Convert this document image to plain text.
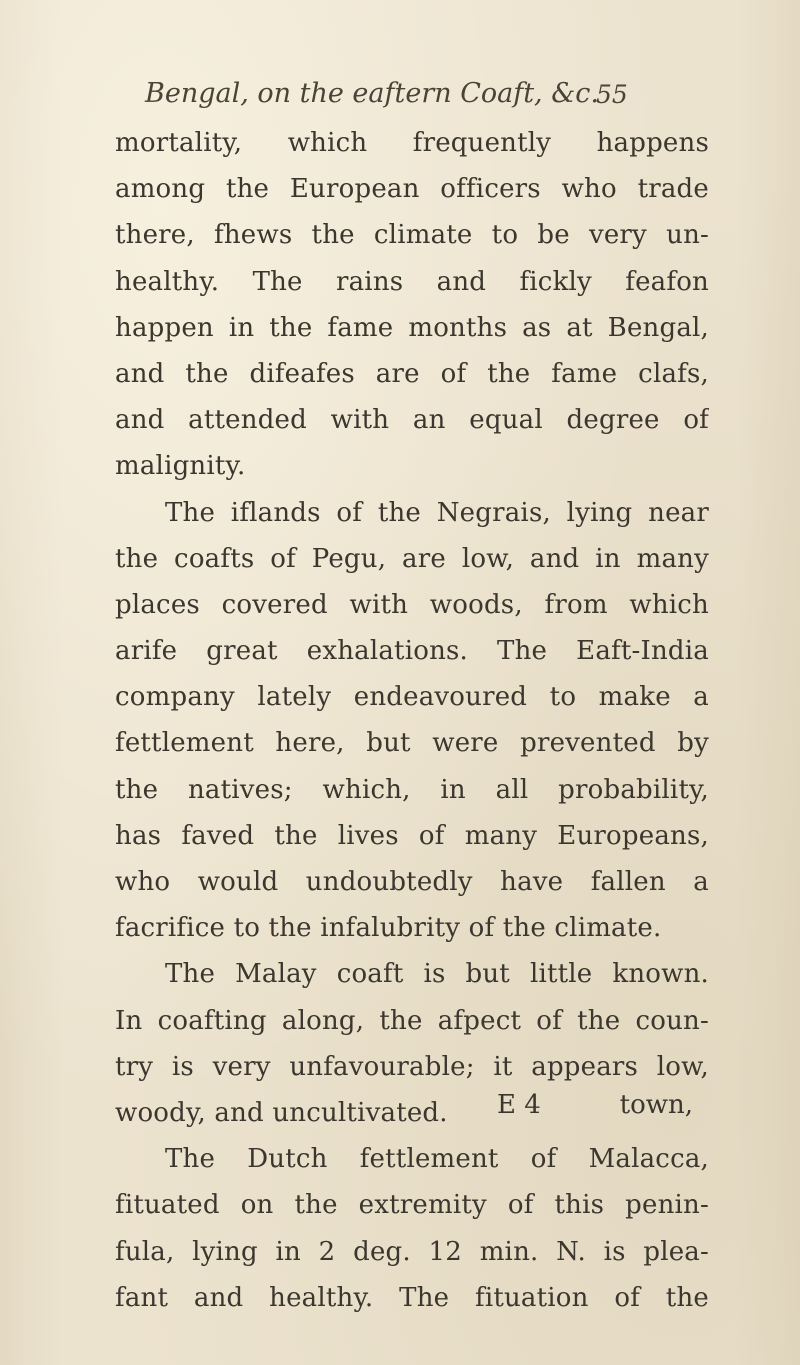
Bengal, on the eaftern Coaft, &c.
55
mortality, which frequently happens
among the European officers who trade
there, fhews the climate to be very un-
healthy. The rains and fickly feafon
happen in the fame months as at Bengal,
and the difeafes are of the fame clafs,
and attended with an equal degree of
malignity.
The iflands of the Negrais, lying near
the coafts of Pegu, are low, and in many
places covered with woods, from which
arife great exhalations. The Eaft-India
company lately endeavoured to make a
fettlement here, but were prevented by
the natives; which, in all probability,
has faved the lives of many Europeans,
who would undoubtedly have fallen a
facrifice to the infalubrity of the climate.
The Malay coaft is but little known.
In coafting along, the afpect of the coun-
try is very unfavourable; it appears low,
woody, and uncultivated.
The Dutch fettlement of Malacca,
fituated on the extremity of this penin-
fula, lying in 2 deg. 12 min. N. is plea-
fant and healthy. The fituation of the
E 4	town,
